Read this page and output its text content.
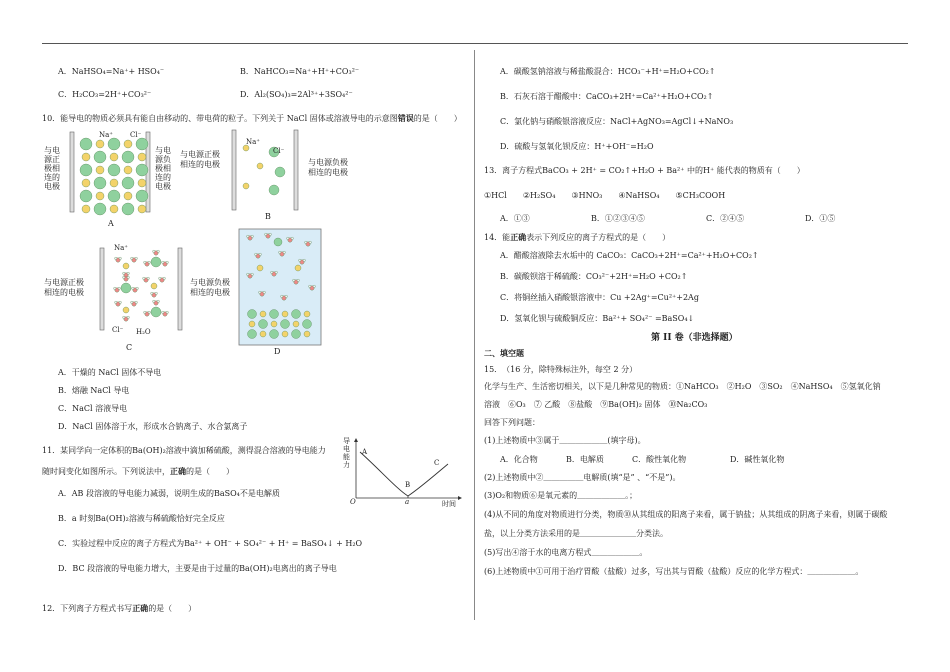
A．NaHSO₄=Na⁺+ HSO₄⁻	B．NaHCO₃=Na⁺+H⁺+CO₃²⁻
C．H₂CO₃=2H⁺+CO₃²⁻	D．Al₂(SO₄)₃=2Al³⁺+3SO₄²⁻
10．能导电的物质必须具有能自由移动的、带电荷的粒子。下列关于 NaCl 固体或溶液导电的示意图错误的是（　　）
与电
源正
极相
连的
电极
与电
源负
极相
连的
电极
Na⁺ Cl⁻
A
与电源正极
相连的电极	与电源负极
相连的电极
Na⁺
Cl⁻
B
与电源正极
相连的电极
与电源负极
相连的电极
Na⁺
Cl⁻ H₂O
C	D
A．干燥的 NaCl 固体不导电
B．熔融 NaCl 导电
C．NaCl 溶液导电
D．NaCl 固体溶于水，形成水合钠离子、水合氯离子
11．某同学向一定体积的Ba(OH)₂溶液中滴加稀硫酸，测得混合溶液的导电能力
随时间变化如图所示。下列说法中，正确的是（　　）
导
电
能
力
A
B
C
O	a	时间
A．AB 段溶液的导电能力减弱，说明生成的BaSO₄不是电解质
B．a 时刻Ba(OH)₂溶液与稀硫酸恰好完全反应
C．实验过程中反应的离子方程式为Ba²⁺ + OH⁻ + SO₄²⁻ + H⁺ = BaSO₄↓ + H₂O
D．BC 段溶液的导电能力增大，主要是由于过量的Ba(OH)₂电离出的离子导电
12．下列离子方程式书写正确的是（　　）
A．碳酸氢钠溶液与稀盐酸混合：HCO₃⁻+H⁺=H₂O+CO₂↑
B．石灰石溶于醋酸中：CaCO₃+2H⁺=Ca²⁺+H₂O+CO₂↑
C．氯化钠与硝酸银溶液反应：NaCl+AgNO₃=AgCl↓+NaNO₃
D．硫酸与氢氧化钡反应：H⁺+OH⁻=H₂O
13．离子方程式BaCO₃ + 2H⁺ = CO₂↑+H₂O + Ba²⁺ 中的H⁺ 能代表的物质有（　　）
①HCl　　②H₂SO₄　　③HNO₃　　④NaHSO₄　　⑤CH₃COOH
A．①③	B．①②③④⑤	C．②④⑤	D．①⑤
14．能正确表示下列反应的离子方程式的是（　　）
A．醋酸溶液除去水垢中的 CaCO₃：CaCO₃+2H⁺=Ca²⁺+H₂O+CO₂↑
B．碳酸钡溶于稀硫酸：CO₃²⁻+2H⁺=H₂O +CO₂↑
C．将铜丝插入硝酸银溶液中：Cu +2Ag⁺=Cu²⁺+2Ag
D．氢氧化钡与硫酸铜反应：Ba²⁺+ SO₄²⁻ =BaSO₄↓
第 II 卷（非选择题）
二、填空题
15．　（16 分，除特殊标注外，每空 2 分）
化学与生产、生活密切相关，以下是几种常见的物质：①NaHCO₃　②H₂O　③SO₂　④NaHSO₄　⑤氢氧化钠
溶液　⑥O₃　⑦ 乙酸　⑧盐酸　⑨Ba(OH)₂ 固体　⑩Na₂CO₃
回答下列问题：
(1)上述物质中③属于＿＿＿＿＿＿(填字母)。
A．化合物	B．电解质	C．酸性氧化物	D．碱性氧化物
(2)上述物质中②＿＿＿＿＿电解质(填“是” 、“不是”)。
(3)O₂和物质⑥是氧元素的＿＿＿＿＿＿。；
(4)从不同的角度对物质进行分类，物质⑩从其组成的阳离子来看，属于钠盐；从其组成的阴离子来看，则属于碳酸
盐，以上分类方法采用的是＿＿＿＿＿＿＿分类法。
(5)写出④溶于水的电离方程式＿＿＿＿＿＿。
(6)上述物质中①可用于治疗胃酸（盐酸）过多，写出其与胃酸（盐酸）反应的化学方程式：＿＿＿＿＿＿。
